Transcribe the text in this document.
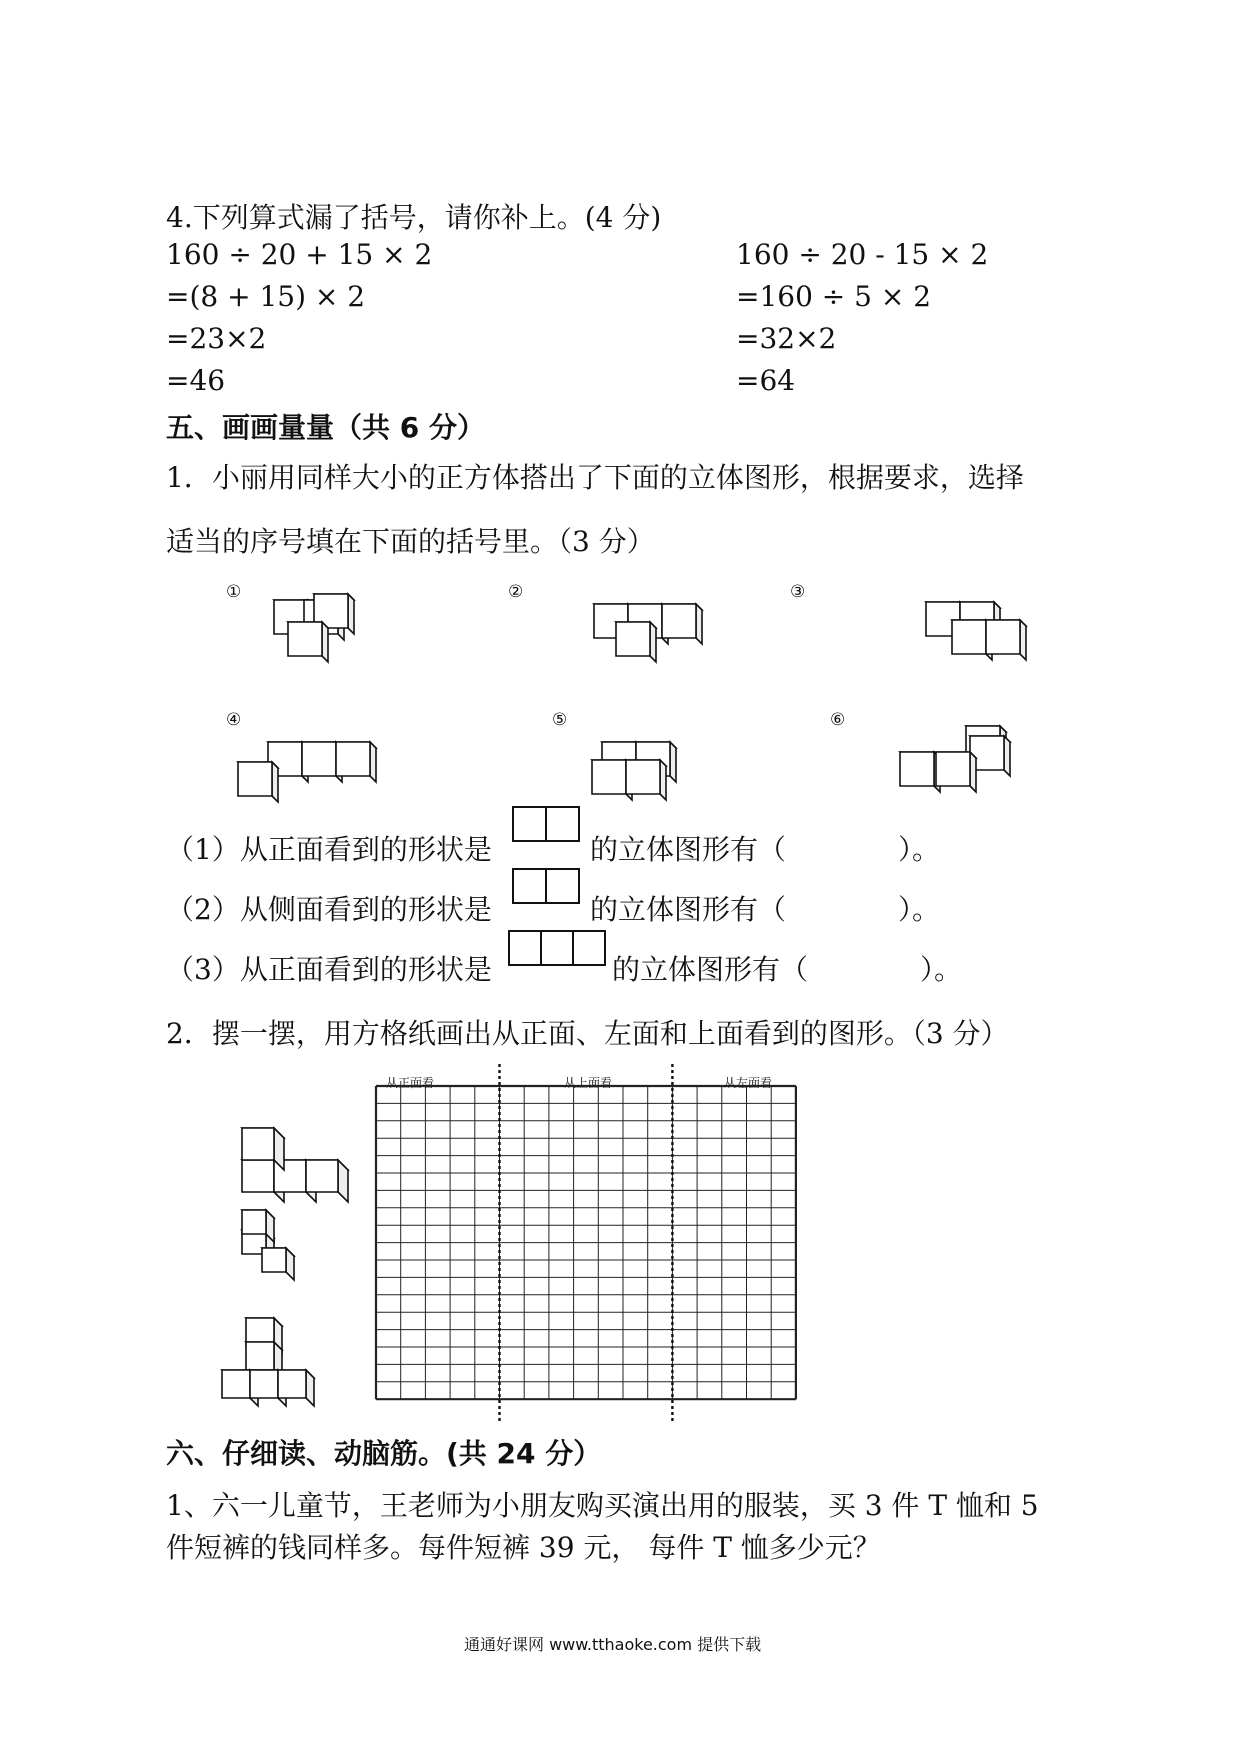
4.下列算式漏了括号，请你补上。(4 分)
160 ÷ 20 + 15 × 2
=(8 + 15) × 2
=23×2
=46
160 ÷ 20 - 15 × 2
=160 ÷ 5 × 2
=32×2
=64
五、画画量量（共 6 分）
1．小丽用同样大小的正方体搭出了下面的立体图形，根据要求，选择
适当的序号填在下面的括号里。（3 分）
①	②	③
④	⑤	⑥
（1）从正面看到的形状是	的立体图形有（　　　　）。
（2）从侧面看到的形状是	的立体图形有（　　　　）。
（3）从正面看到的形状是	的立体图形有（　　　　）。
2．摆一摆，用方格纸画出从正面、左面和上面看到的图形。（3 分）
从正面看	从上面看	从左面看
六、仔细读、动脑筋。(共 24 分）
1、六一儿童节，王老师为小朋友购买演出用的服装，买 3 件 T 恤和 5
件短裤的钱同样多。每件短裤 39 元， 每件 T 恤多少元？
通通好课网 www.tthaoke.com 提供下载
